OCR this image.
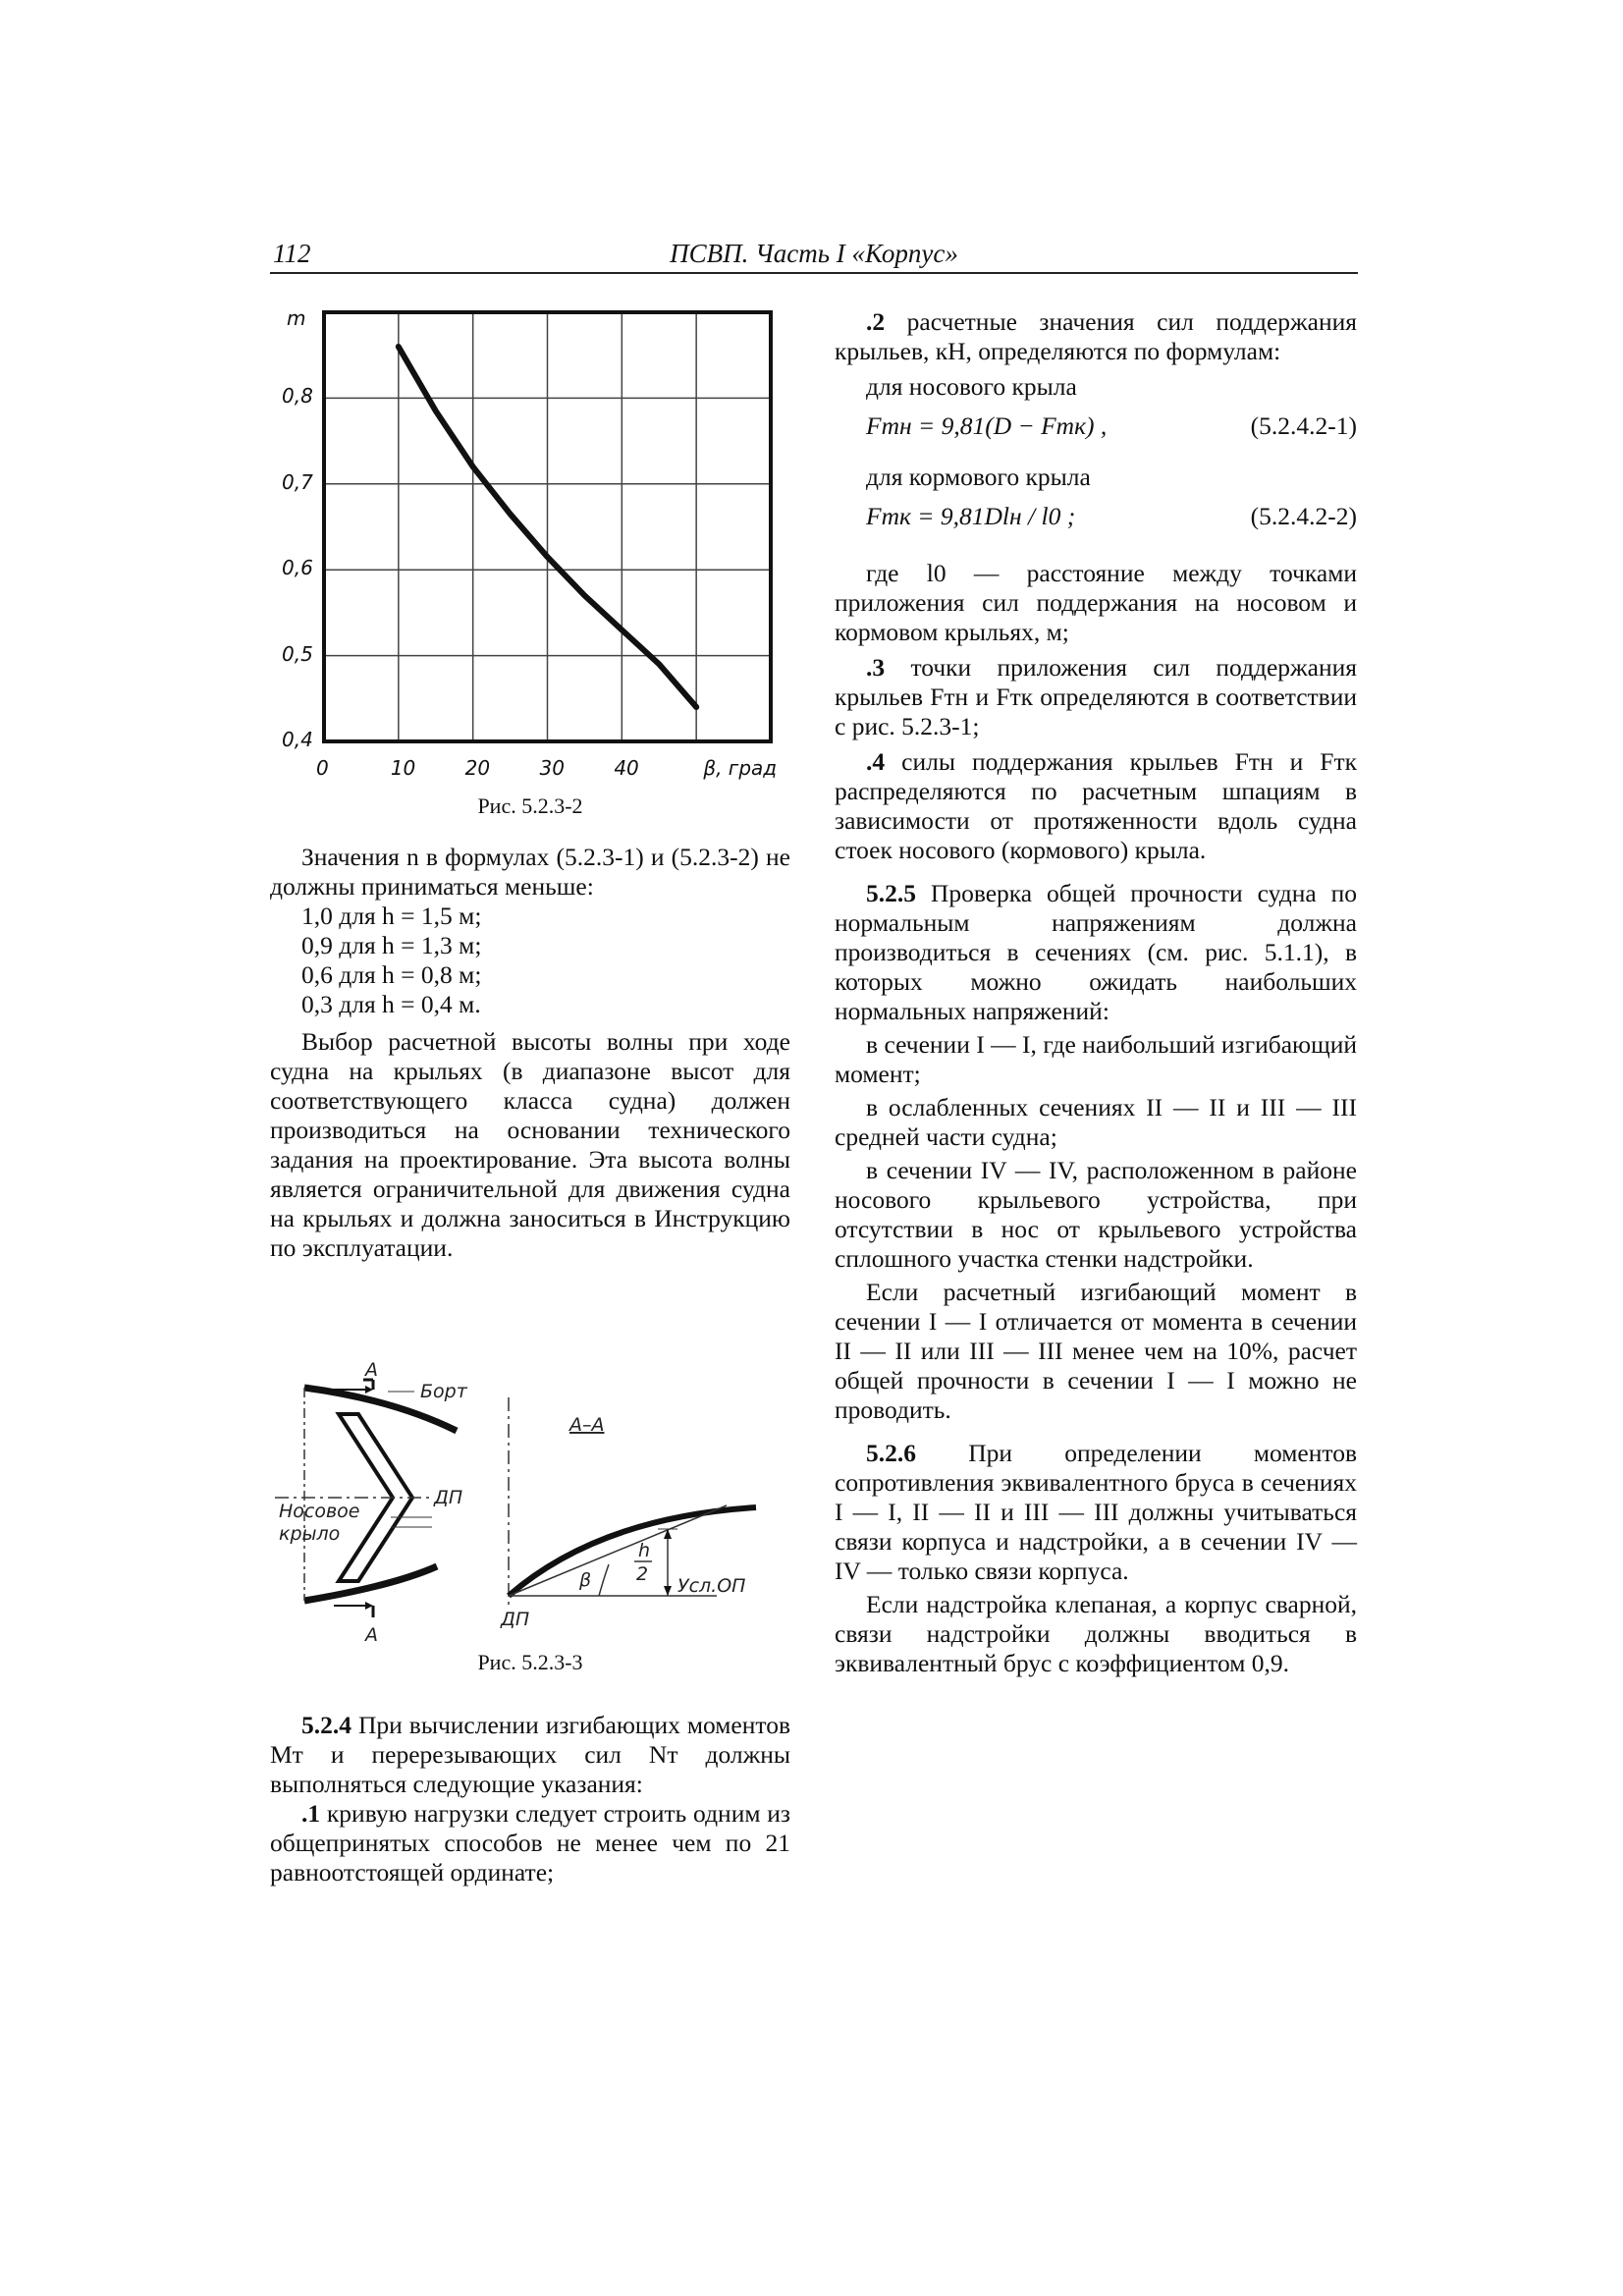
112	ПСВП. Часть I «Корпус»
m
0,8
0,7
0,6
0,5
0,4
0	10	20	30	40	β, град
Рис. 5.2.3-2

Значения n в формулах (5.2.3-1) и (5.2.3-2) не должны приниматься меньше:

1,0 для h = 1,5 м;

0,9 для h = 1,3 м;

0,6 для h = 0,8 м;

0,3 для h = 0,4 м.

Выбор расчетной высоты волны при ходе судна на крыльях (в диапазоне высот для соответствующего класса судна) должен производиться на основании технического задания на проектирование. Эта высота волны является ограничительной для движения судна на крыльях и должна заноситься в Инструкцию по эксплуатации.

А
А
Борт
ДП
Носовое
крыло
А–А
β
h
2
Усл.ОП
ДП
Рис. 5.2.3-3

5.2.4 При вычислении изгибающих моментов Mт и перерезывающих сил Nт должны выполняться следующие указания:

.1 кривую нагрузки следует строить одним из общепринятых способов не менее чем по 21 равноотстоящей ординате;

.2 расчетные значения сил поддержания крыльев, кН, определяются по формулам:

для носового крыла

Fтн = 9,81(D − Fтк) ,	(5.2.4.2-1)

для кормового крыла

Fтк = 9,81Dlн / l0 ;	(5.2.4.2-2)

где l0 — расстояние между точками приложения сил поддержания на носовом и кормовом крыльях, м;

.3 точки приложения сил поддержания крыльев Fтн и Fтк определяются в соответствии с рис. 5.2.3-1;

.4 силы поддержания крыльев Fтн и Fтк распределяются по расчетным шпациям в зависимости от протяженности вдоль судна стоек носового (кормового) крыла.

5.2.5 Проверка общей прочности судна по нормальным напряжениям должна производиться в сечениях (см. рис. 5.1.1), в которых можно ожидать наибольших нормальных напряжений:

в сечении I — I, где наибольший изгибающий момент;

в ослабленных сечениях II — II и III — III средней части судна;

в сечении IV — IV, расположенном в районе носового крыльевого устройства, при отсутствии в нос от крыльевого устройства сплошного участка стенки надстройки.

Если расчетный изгибающий момент в сечении I — I отличается от момента в сечении II — II или III — III менее чем на 10%, расчет общей прочности в сечении I — I можно не проводить.

5.2.6 При определении моментов сопротивления эквивалентного бруса в сечениях I — I, II — II и III — III должны учитываться связи корпуса и надстройки, а в сечении IV — IV — только связи корпуса.

Если надстройка клепаная, а корпус сварной, связи надстройки должны вводиться в эквивалентный брус с коэффициентом 0,9.
